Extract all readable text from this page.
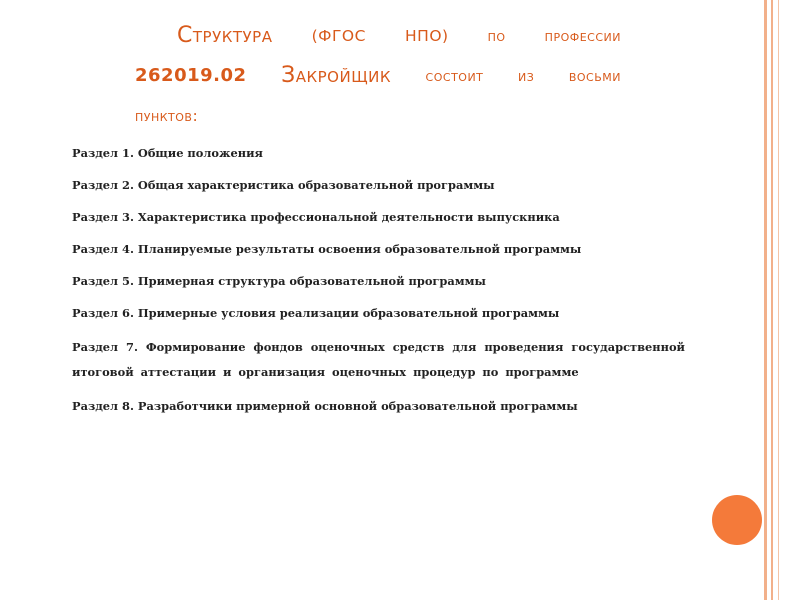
Структура	(ФГОС	НПО)	по	профессии
262019.02 Закройщик состоит из восьми
пунктов:
Раздел 1. Общие положения
Раздел 2. Общая характеристика образовательной программы
Раздел 3. Характеристика профессиональной деятельности выпускника
Раздел 4. Планируемые результаты освоения образовательной программы
Раздел 5. Примерная структура образовательной программы
Раздел 6. Примерные условия реализации образовательной программы
Раздел 7. Формирование фондов оценочных средств для проведения государственной итоговой аттестации и организация оценочных процедур по программе
Раздел 8. Разработчики примерной основной образовательной программы
